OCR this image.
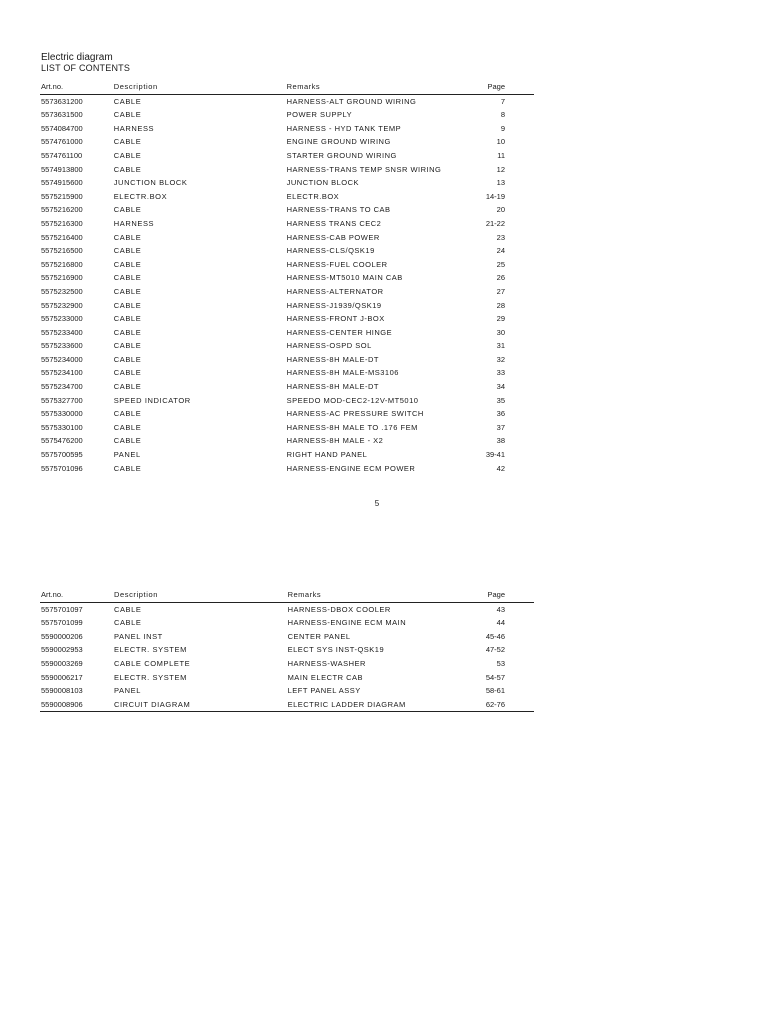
Electric diagram
LIST OF CONTENTS
Art.no.	Description	Remarks	Page
5573631200	CABLE	HARNESS-ALT GROUND WIRING	7
5573631500	CABLE	POWER SUPPLY	8
5574084700	HARNESS	HARNESS - HYD TANK TEMP	9
5574761000	CABLE	ENGINE GROUND WIRING	10
5574761100	CABLE	STARTER GROUND WIRING	11
5574913800	CABLE	HARNESS-TRANS TEMP SNSR WIRING	12
5574915600	JUNCTION BLOCK	JUNCTION BLOCK	13
5575215900	ELECTR.BOX	ELECTR.BOX	14-19
5575216200	CABLE	HARNESS-TRANS TO CAB	20
5575216300	HARNESS	HARNESS TRANS CEC2	21-22
5575216400	CABLE	HARNESS-CAB POWER	23
5575216500	CABLE	HARNESS-CLS/QSK19	24
5575216800	CABLE	HARNESS-FUEL COOLER	25
5575216900	CABLE	HARNESS-MT5010 MAIN CAB	26
5575232500	CABLE	HARNESS-ALTERNATOR	27
5575232900	CABLE	HARNESS-J1939/QSK19	28
5575233000	CABLE	HARNESS-FRONT J-BOX	29
5575233400	CABLE	HARNESS-CENTER HINGE	30
5575233600	CABLE	HARNESS-OSPD SOL	31
5575234000	CABLE	HARNESS-8H MALE-DT	32
5575234100	CABLE	HARNESS-8H MALE-MS3106	33
5575234700	CABLE	HARNESS-8H MALE-DT	34
5575327700	SPEED INDICATOR	SPEEDO MOD-CEC2-12V-MT5010	35
5575330000	CABLE	HARNESS-AC PRESSURE SWITCH	36
5575330100	CABLE	HARNESS-8H MALE TO .176 FEM	37
5575476200	CABLE	HARNESS-8H MALE - X2	38
5575700595	PANEL	RIGHT HAND PANEL	39-41
5575701096	CABLE	HARNESS-ENGINE ECM POWER	42
5
Art.no.	Description	Remarks	Page
5575701097	CABLE	HARNESS-DBOX COOLER	43
5575701099	CABLE	HARNESS-ENGINE ECM MAIN	44
5590000206	PANEL INST	CENTER PANEL	45-46
5590002953	ELECTR. SYSTEM	ELECT SYS INST-QSK19	47-52
5590003269	CABLE COMPLETE	HARNESS-WASHER	53
5590006217	ELECTR. SYSTEM	MAIN ELECTR CAB	54-57
5590008103	PANEL	LEFT PANEL ASSY	58-61
5590008906	CIRCUIT DIAGRAM	ELECTRIC LADDER DIAGRAM	62-76
